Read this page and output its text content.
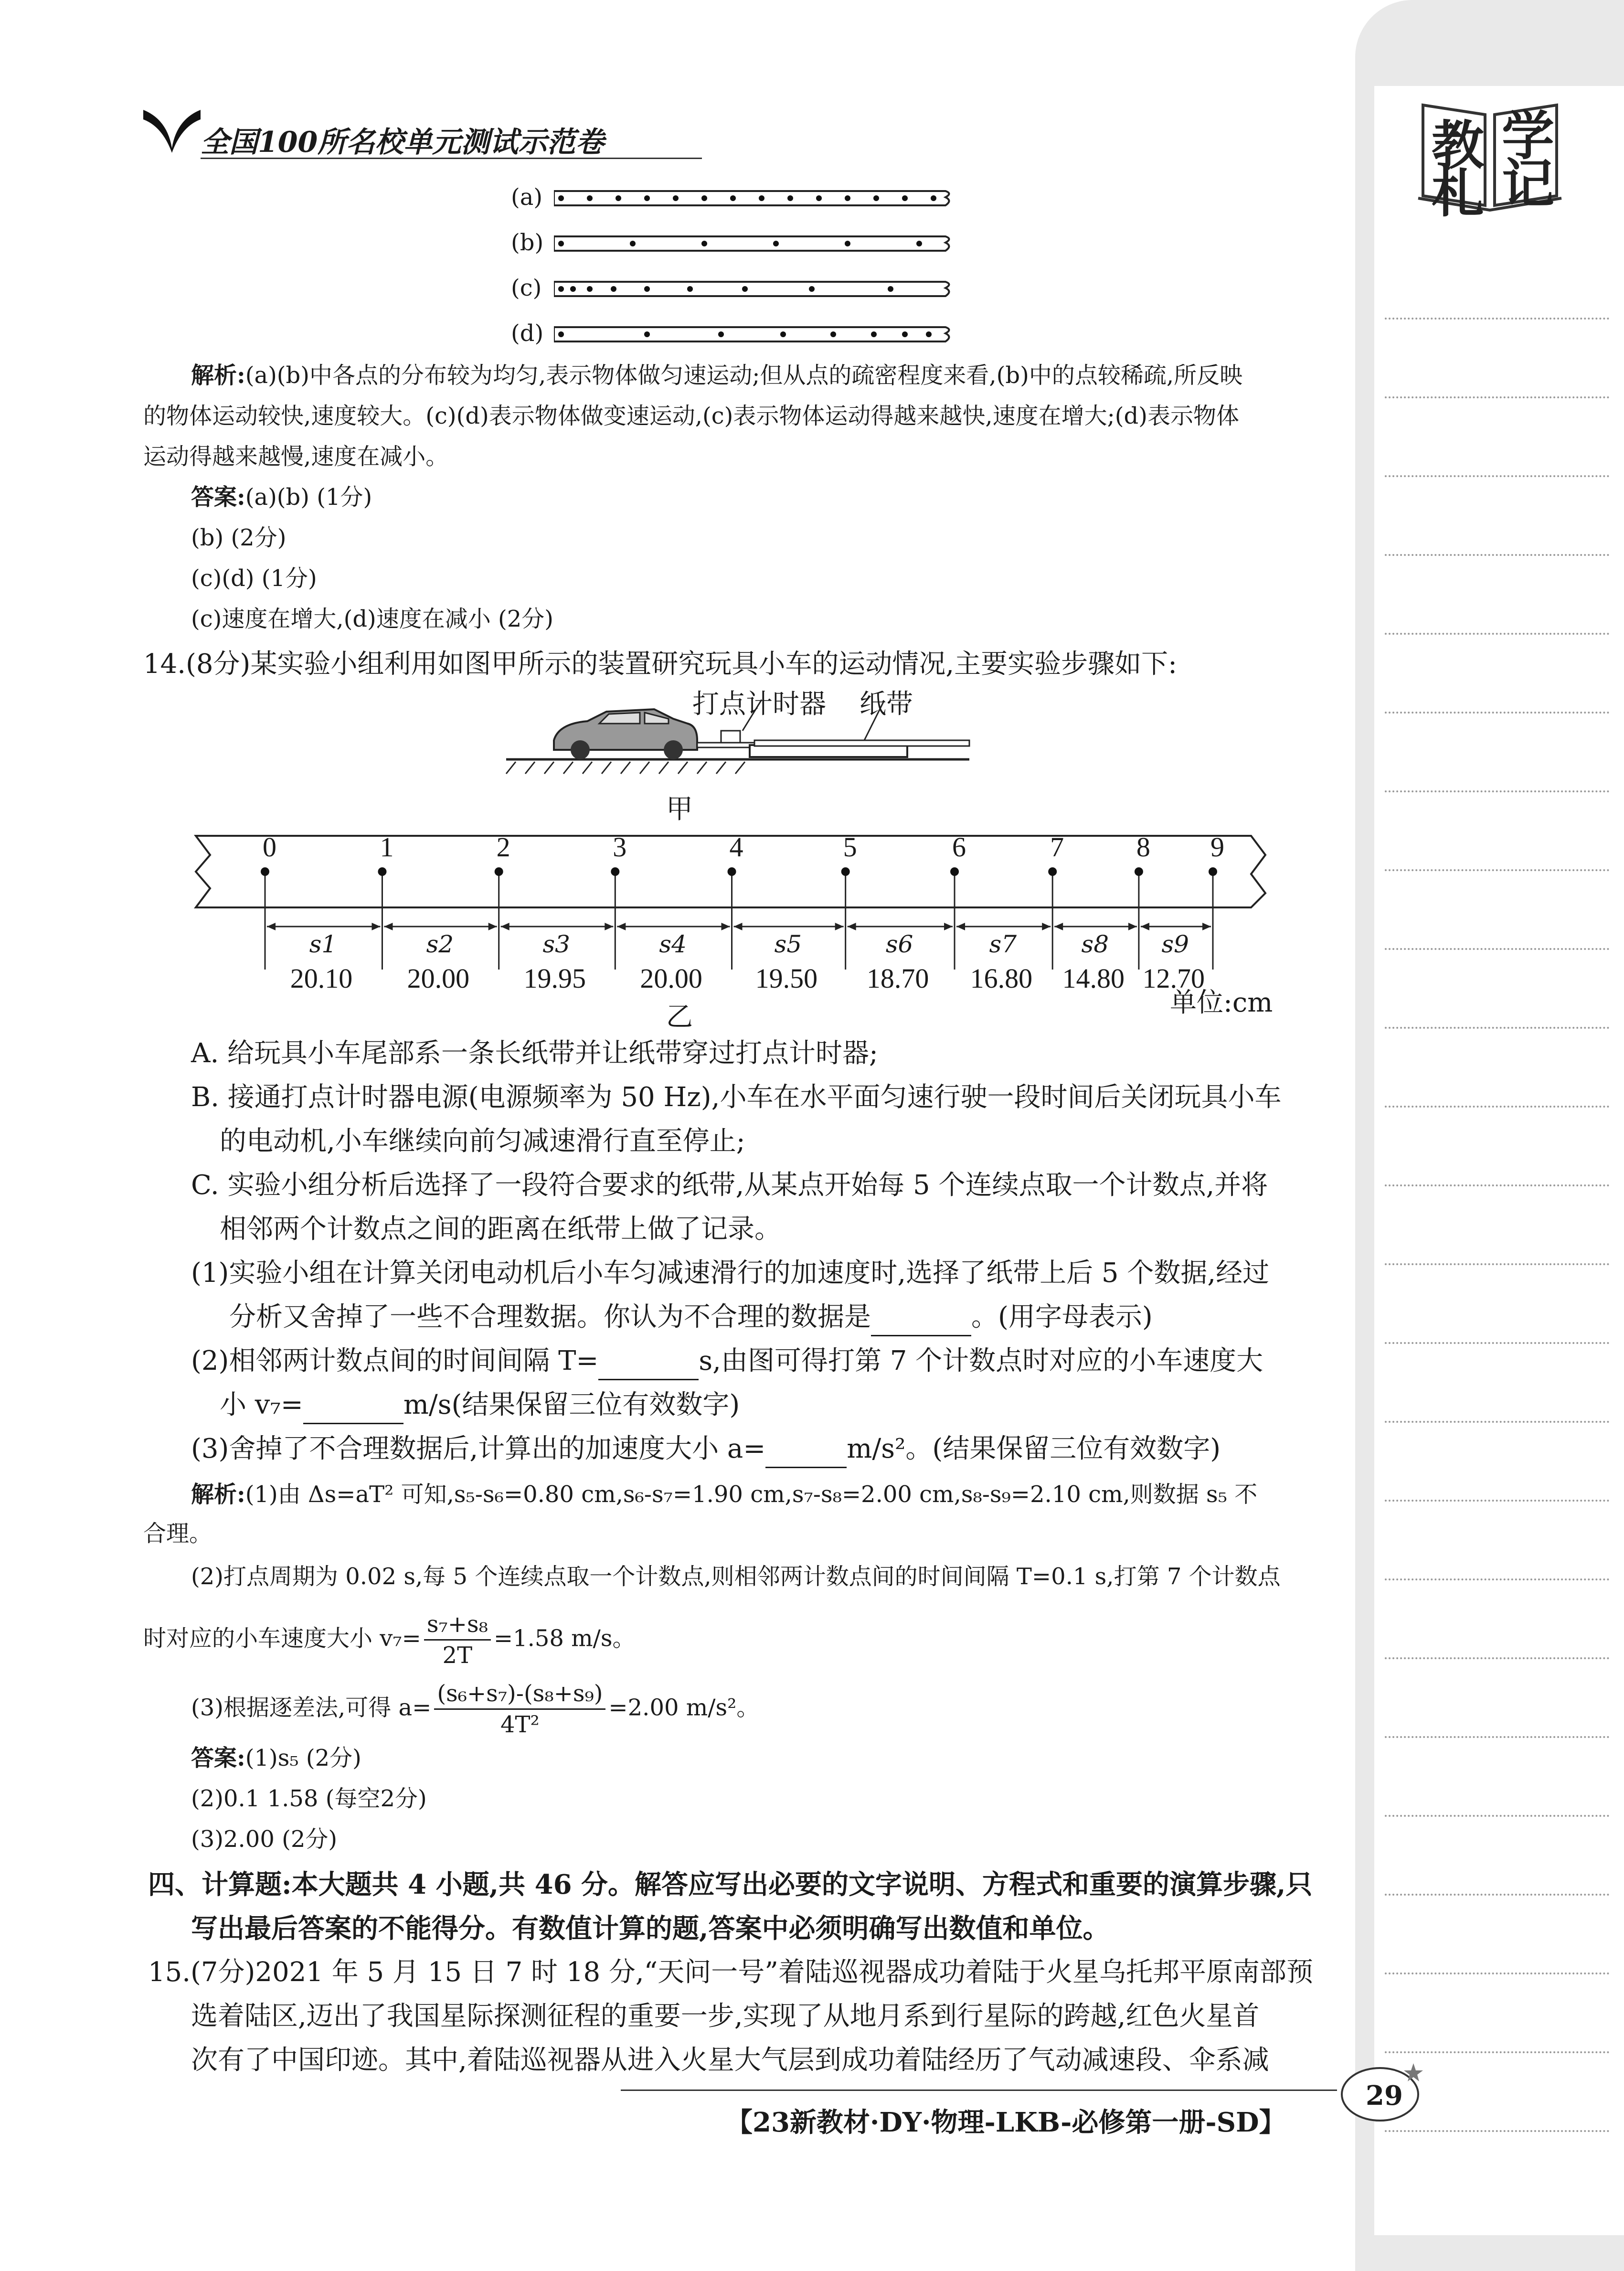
教 学
札 记
全国100所名校单元测试示范卷
(a)
(b)
(c)
(d)
解析:(a)(b)中各点的分布较为均匀,表示物体做匀速运动;但从点的疏密程度来看,(b)中的点较稀疏,所反映
的物体运动较快,速度较大。(c)(d)表示物体做变速运动,(c)表示物体运动得越来越快,速度在增大;(d)表示物体
运动得越来越慢,速度在减小。
答案:(a)(b) (1分)
(b) (2分)
(c)(d) (1分)
(c)速度在增大,(d)速度在减小 (2分)
14.(8分)某实验小组利用如图甲所示的装置研究玩具小车的运动情况,主要实验步骤如下:
打点计时器 纸带
甲
0	1	2	3	4	5	6	7	8 9
s1
20.10
s2
20.00
s3
19.95
s4
20.00
s5
19.50
s6
18.70
s7
16.80
s8
14.80
s9
12.70
单位:cm
乙
A. 给玩具小车尾部系一条长纸带并让纸带穿过打点计时器;
B. 接通打点计时器电源(电源频率为 50 Hz),小车在水平面匀速行驶一段时间后关闭玩具小车
的电动机,小车继续向前匀减速滑行直至停止;
C. 实验小组分析后选择了一段符合要求的纸带,从某点开始每 5 个连续点取一个计数点,并将
相邻两个计数点之间的距离在纸带上做了记录。
(1)实验小组在计算关闭电动机后小车匀减速滑行的加速度时,选择了纸带上后 5 个数据,经过
分析又舍掉了一些不合理数据。你认为不合理的数据是	。(用字母表示)
(2)相邻两计数点间的时间间隔 T=	s,由图可得打第 7 个计数点时对应的小车速度大
小 v₇=	m/s(结果保留三位有效数字)
(3)舍掉了不合理数据后,计算出的加速度大小 a=	m/s²。(结果保留三位有效数字)
解析:(1)由 Δs=aT² 可知,s₅-s₆=0.80 cm,s₆-s₇=1.90 cm,s₇-s₈=2.00 cm,s₈-s₉=2.10 cm,则数据 s₅ 不
合理。
(2)打点周期为 0.02 s,每 5 个连续点取一个计数点,则相邻两计数点间的时间间隔 T=0.1 s,打第 7 个计数点
时对应的小车速度大小 $v_7= \frac{\text{s₇+s₈}}{2T} =1.58$ m/s。
(3)根据逐差法,可得 $a= \frac{\text{(s₆+s₇)-(s₈+s₉)}}{\text{4T²}} =2.00$ m/s²。
答案:(1)s₅ (2分)
(2)0.1 1.58 (每空2分)
(3)2.00 (2分)
四、计算题:本大题共 4 小题,共 46 分。解答应写出必要的文字说明、方程式和重要的演算步骤,只
写出最后答案的不能得分。有数值计算的题,答案中必须明确写出数值和单位。
15.(7分)2021 年 5 月 15 日 7 时 18 分,“天问一号”着陆巡视器成功着陆于火星乌托邦平原南部预
选着陆区,迈出了我国星际探测征程的重要一步,实现了从地月系到行星际的跨越,红色火星首
次有了中国印迹。其中,着陆巡视器从进入火星大气层到成功着陆经历了气动减速段、伞系减
【23新教材·DY·物理-LKB-必修第一册-SD】
29
